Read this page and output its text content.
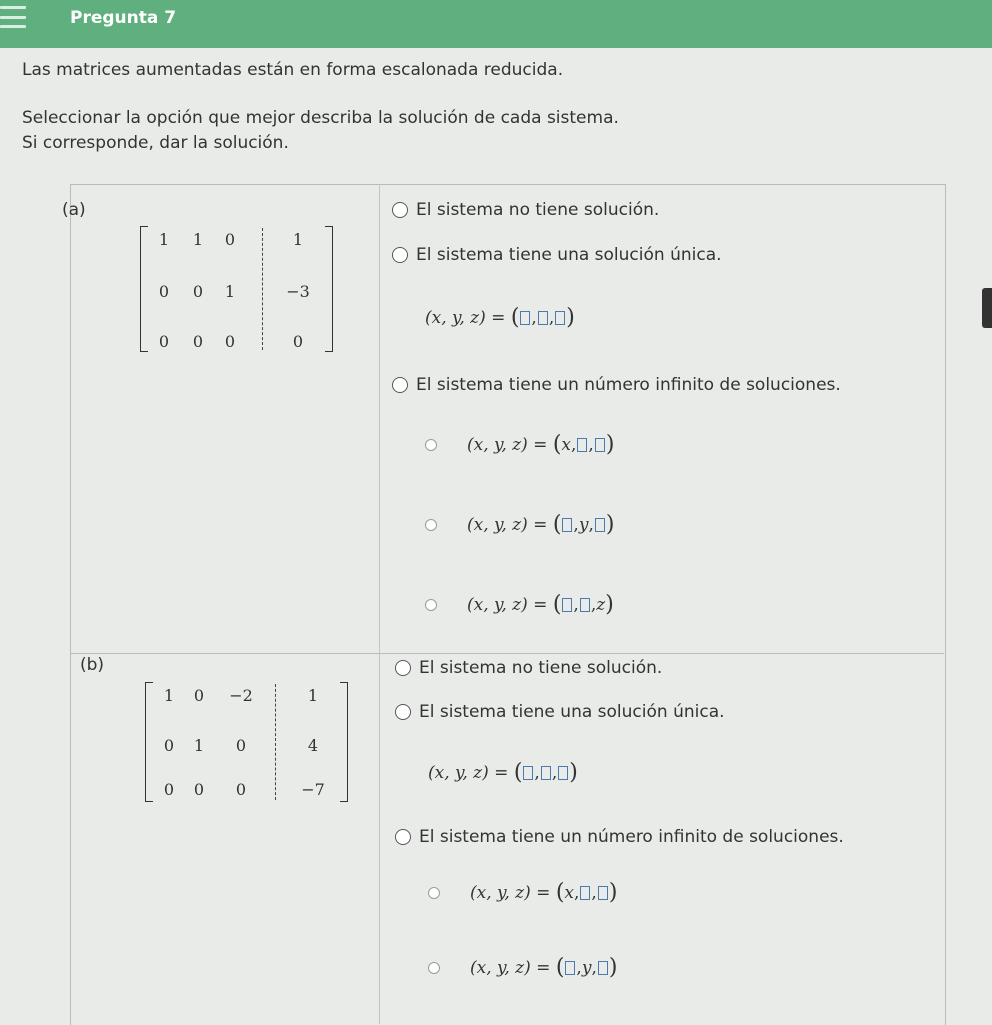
Pregunta 7
Las matrices aumentadas están en forma escalonada reducida.
Seleccionar la opción que mejor describa la solución de cada sistema.
Si corresponde, dar la solución.
(a)
1	1	0	1
0	0	1	−3
0	0	0	0
El sistema no tiene solución.
El sistema tiene una solución única.
(x, y, z) =
( , , )
El sistema tiene un número infinito de soluciones.
(x, y, z) =
( x , , )
(x, y, z) =
( , y , )
(x, y, z) =
( , , z )
(b)
1	0	−2	1
0	1	0	4
0	0	0	−7
El sistema no tiene solución.
El sistema tiene una solución única.
(x, y, z) =
( , , )
El sistema tiene un número infinito de soluciones.
(x, y, z) =
( x , , )
(x, y, z) =
( , y , )
